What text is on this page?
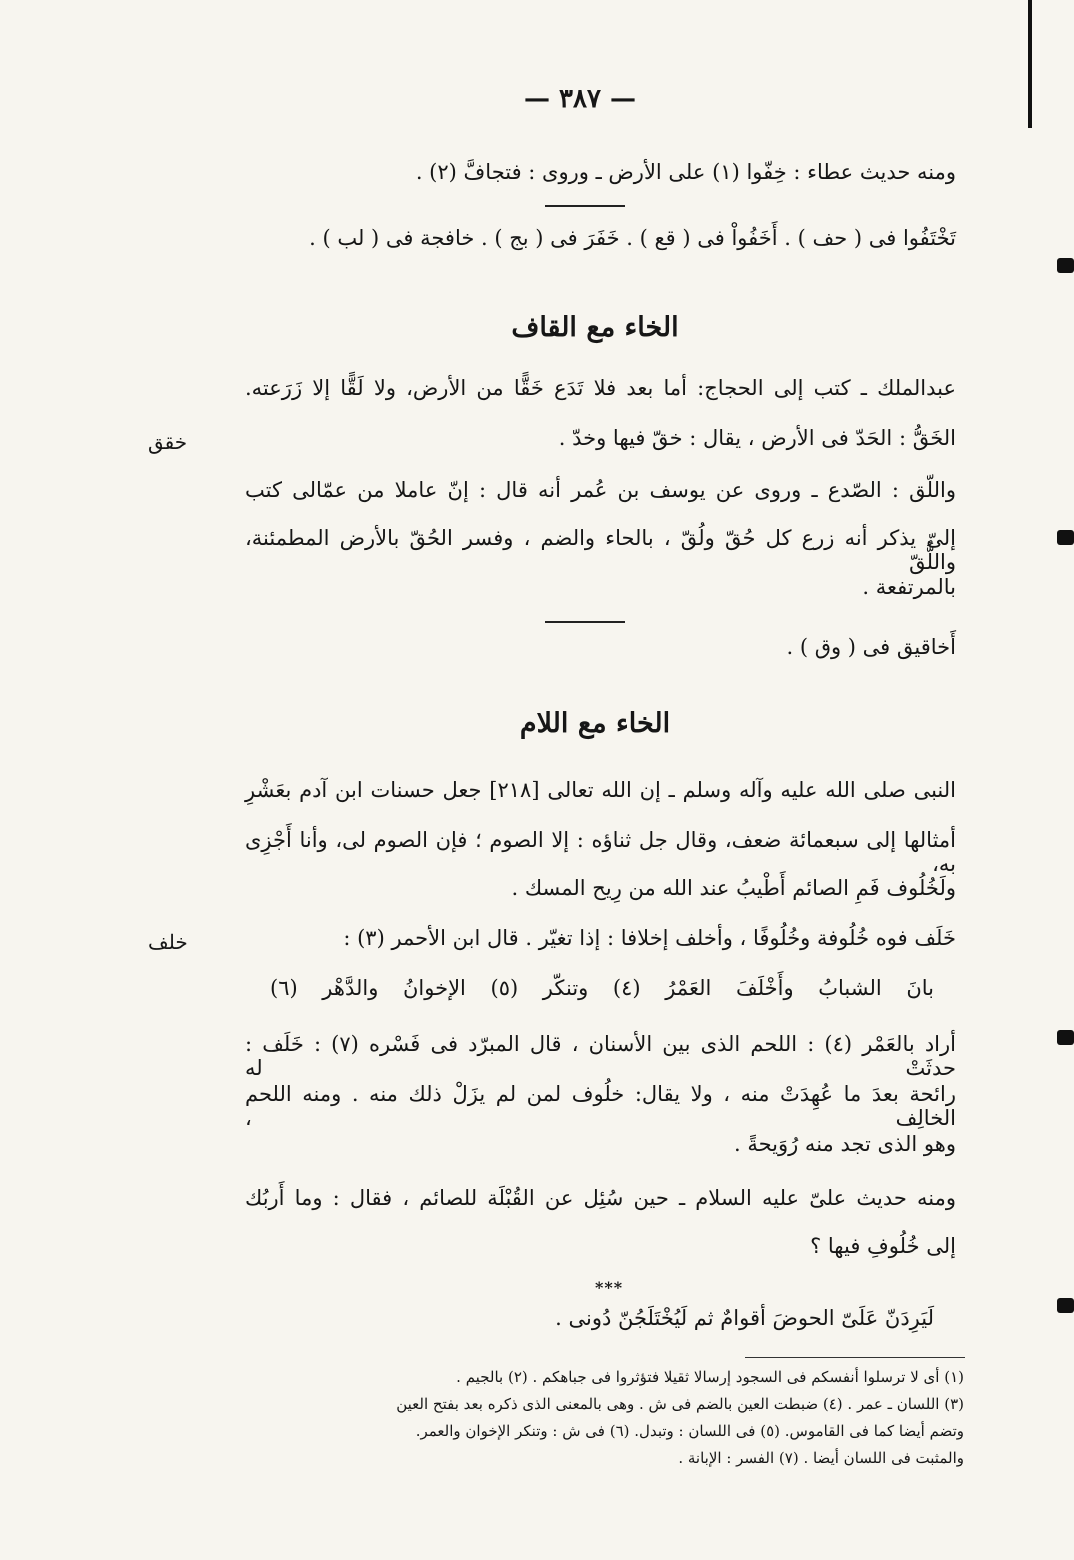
— ٣٨٧ —
ومنه حديث عطاء : خِفّوا (١) على الأرض ـ وروى : فتجافَّ (٢) .
تَخْتَفُوا فى ( حف ) . أَخَفُواْ فى ( قع ) . خَفَرَ فى ( بج ) . خافجة فى ( لب ) .
الخاء مع القاف
عبدالملك ـ كتب إلى الحجاج: أما بعد فلا تَدَع خَقًّا من الأرض، ولا لَقًّا إلا زَرَعته.
الخَقُّ : الحَدّ فى الأرض ، يقال : خقّ فيها وخدّ .
خقق
واللّق : الصّدع ـ وروى عن يوسف بن عُمر أنه قال : إنّ عاملا من عمّالى كتب
إلىّ يذكر أنه زرع كل حُقّ ولُقّ ، بالحاء والضم ، وفسر الحُقّ بالأرض المطمئنة، واللُّقّ
بالمرتفعة .
أَخاقيق فى ( وق ) .
الخاء مع اللام
النبى صلى الله عليه وآله وسلم ـ إن الله تعالى [٢١٨] جعل حسنات ابن آدم بعَشْرِ
أمثالها إلى سبعمائة ضعف، وقال جل ثناؤه : إلا الصوم ؛ فإن الصوم لى، وأنا أَجْزِى به،
ولَخُلُوف فَمِ الصائم أَطْيبُ عند الله من رِيح المسك .
خَلَف فوه خُلُوفة وخُلُوفًا ، وأخلف إخلافا : إذا تغيّر . قال ابن الأحمر (٣) :
خلف
بانَ الشبابُ وأَخْلَفَ العَمْرُ (٤) وتنكّر (٥) الإخوانُ والدَّهْر (٦)
أراد بالعَمْر (٤) : اللحم الذى بين الأسنان ، قال المبرّد فى فَسْره (٧) : خَلَف : حدثَتْ له
رائحة بعدَ ما عُهِدَتْ منه ، ولا يقال: خلُوف لمن لم يزَلْ ذلك منه . ومنه اللحم الخالِف ،
وهو الذى تجد منه رُوَيحةً .
ومنه حديث علىّ عليه السلام ـ حين سُئِل عن القُبْلَة للصائم ، فقال : وما أَربُك
إلى خُلُوفِ فيها ؟
***
لَيَرِدَنّ عَلَىّ الحوضَ أقوامٌ ثم لَيُخْتَلَجُنّ دُونى .
(١) أى لا ترسلوا أنفسكم فى السجود إرسالا ثقيلا فتؤثروا فى جباهكم . (٢) بالجيم .
(٣) اللسان ـ عمر . (٤) ضبطت العين بالضم فى ش . وهى بالمعنى الذى ذكره بعد بفتح العين
وتضم أيضا كما فى القاموس. (٥) فى اللسان : وتبدل. (٦) فى ش : وتنكر الإخوان والعمر.
والمثبت فى اللسان أيضا . (٧) الفسر : الإبانة .
